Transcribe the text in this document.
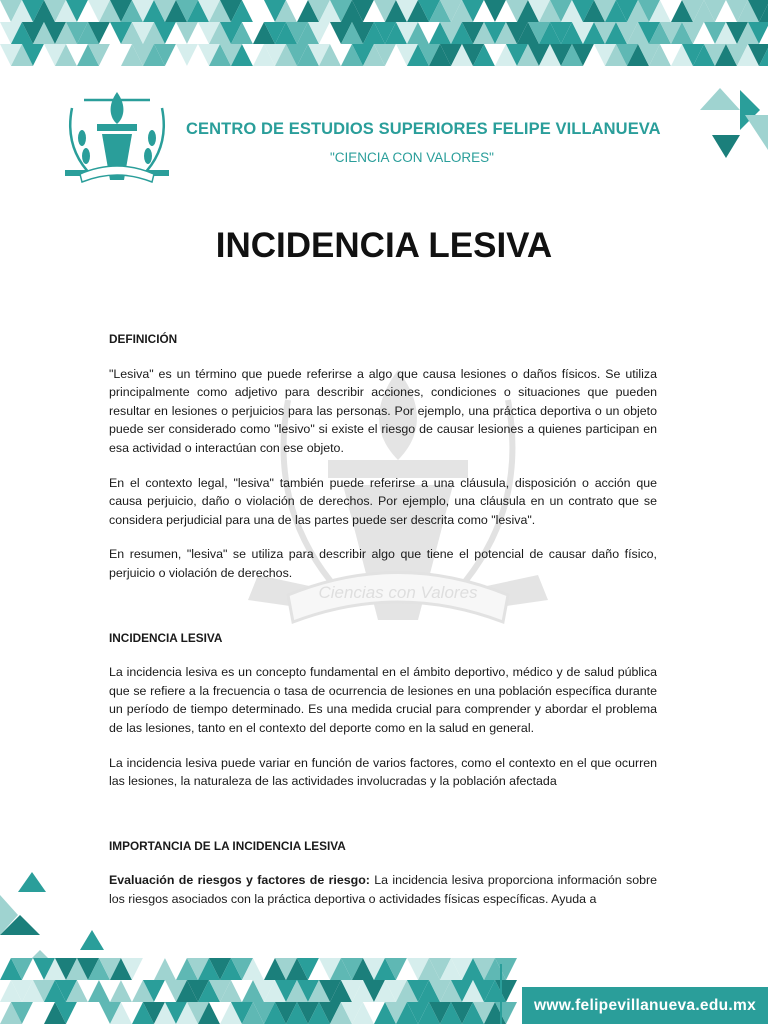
Ciencias con Valores
CENTRO DE ESTUDIOS SUPERIORES FELIPE VILLANUEVA
"CIENCIA CON VALORES"
INCIDENCIA LESIVA

DEFINICIÓN

"Lesiva" es un término que puede referirse a algo que causa lesiones o daños físicos. Se utiliza principalmente como adjetivo para describir acciones, condiciones o situaciones que pueden resultar en lesiones o perjuicios para las personas. Por ejemplo, una práctica deportiva o un objeto puede ser considerado como "lesivo" si existe el riesgo de causar lesiones a quienes participan en esa actividad o interactúan con ese objeto.

En el contexto legal, "lesiva" también puede referirse a una cláusula, disposición o acción que causa perjuicio, daño o violación de derechos. Por ejemplo, una cláusula en un contrato que se considera perjudicial para una de las partes puede ser descrita como "lesiva".

En resumen, "lesiva" se utiliza para describir algo que tiene el potencial de causar daño físico, perjuicio o violación de derechos.

INCIDENCIA LESIVA

La incidencia lesiva es un concepto fundamental en el ámbito deportivo, médico y de salud pública que se refiere a la frecuencia o tasa de ocurrencia de lesiones en una población específica durante un período de tiempo determinado. Es una medida crucial para comprender y abordar el problema de las lesiones, tanto en el contexto del deporte como en la salud en general.

La incidencia lesiva puede variar en función de varios factores, como el contexto en el que ocurren las lesiones, la naturaleza de las actividades involucradas y la población afectada

IMPORTANCIA DE LA INCIDENCIA LESIVA

Evaluación de riesgos y factores de riesgo: La incidencia lesiva proporciona información sobre los riesgos asociados con la práctica deportiva o actividades físicas específicas. Ayuda a

www.felipevillanueva.edu.mx
